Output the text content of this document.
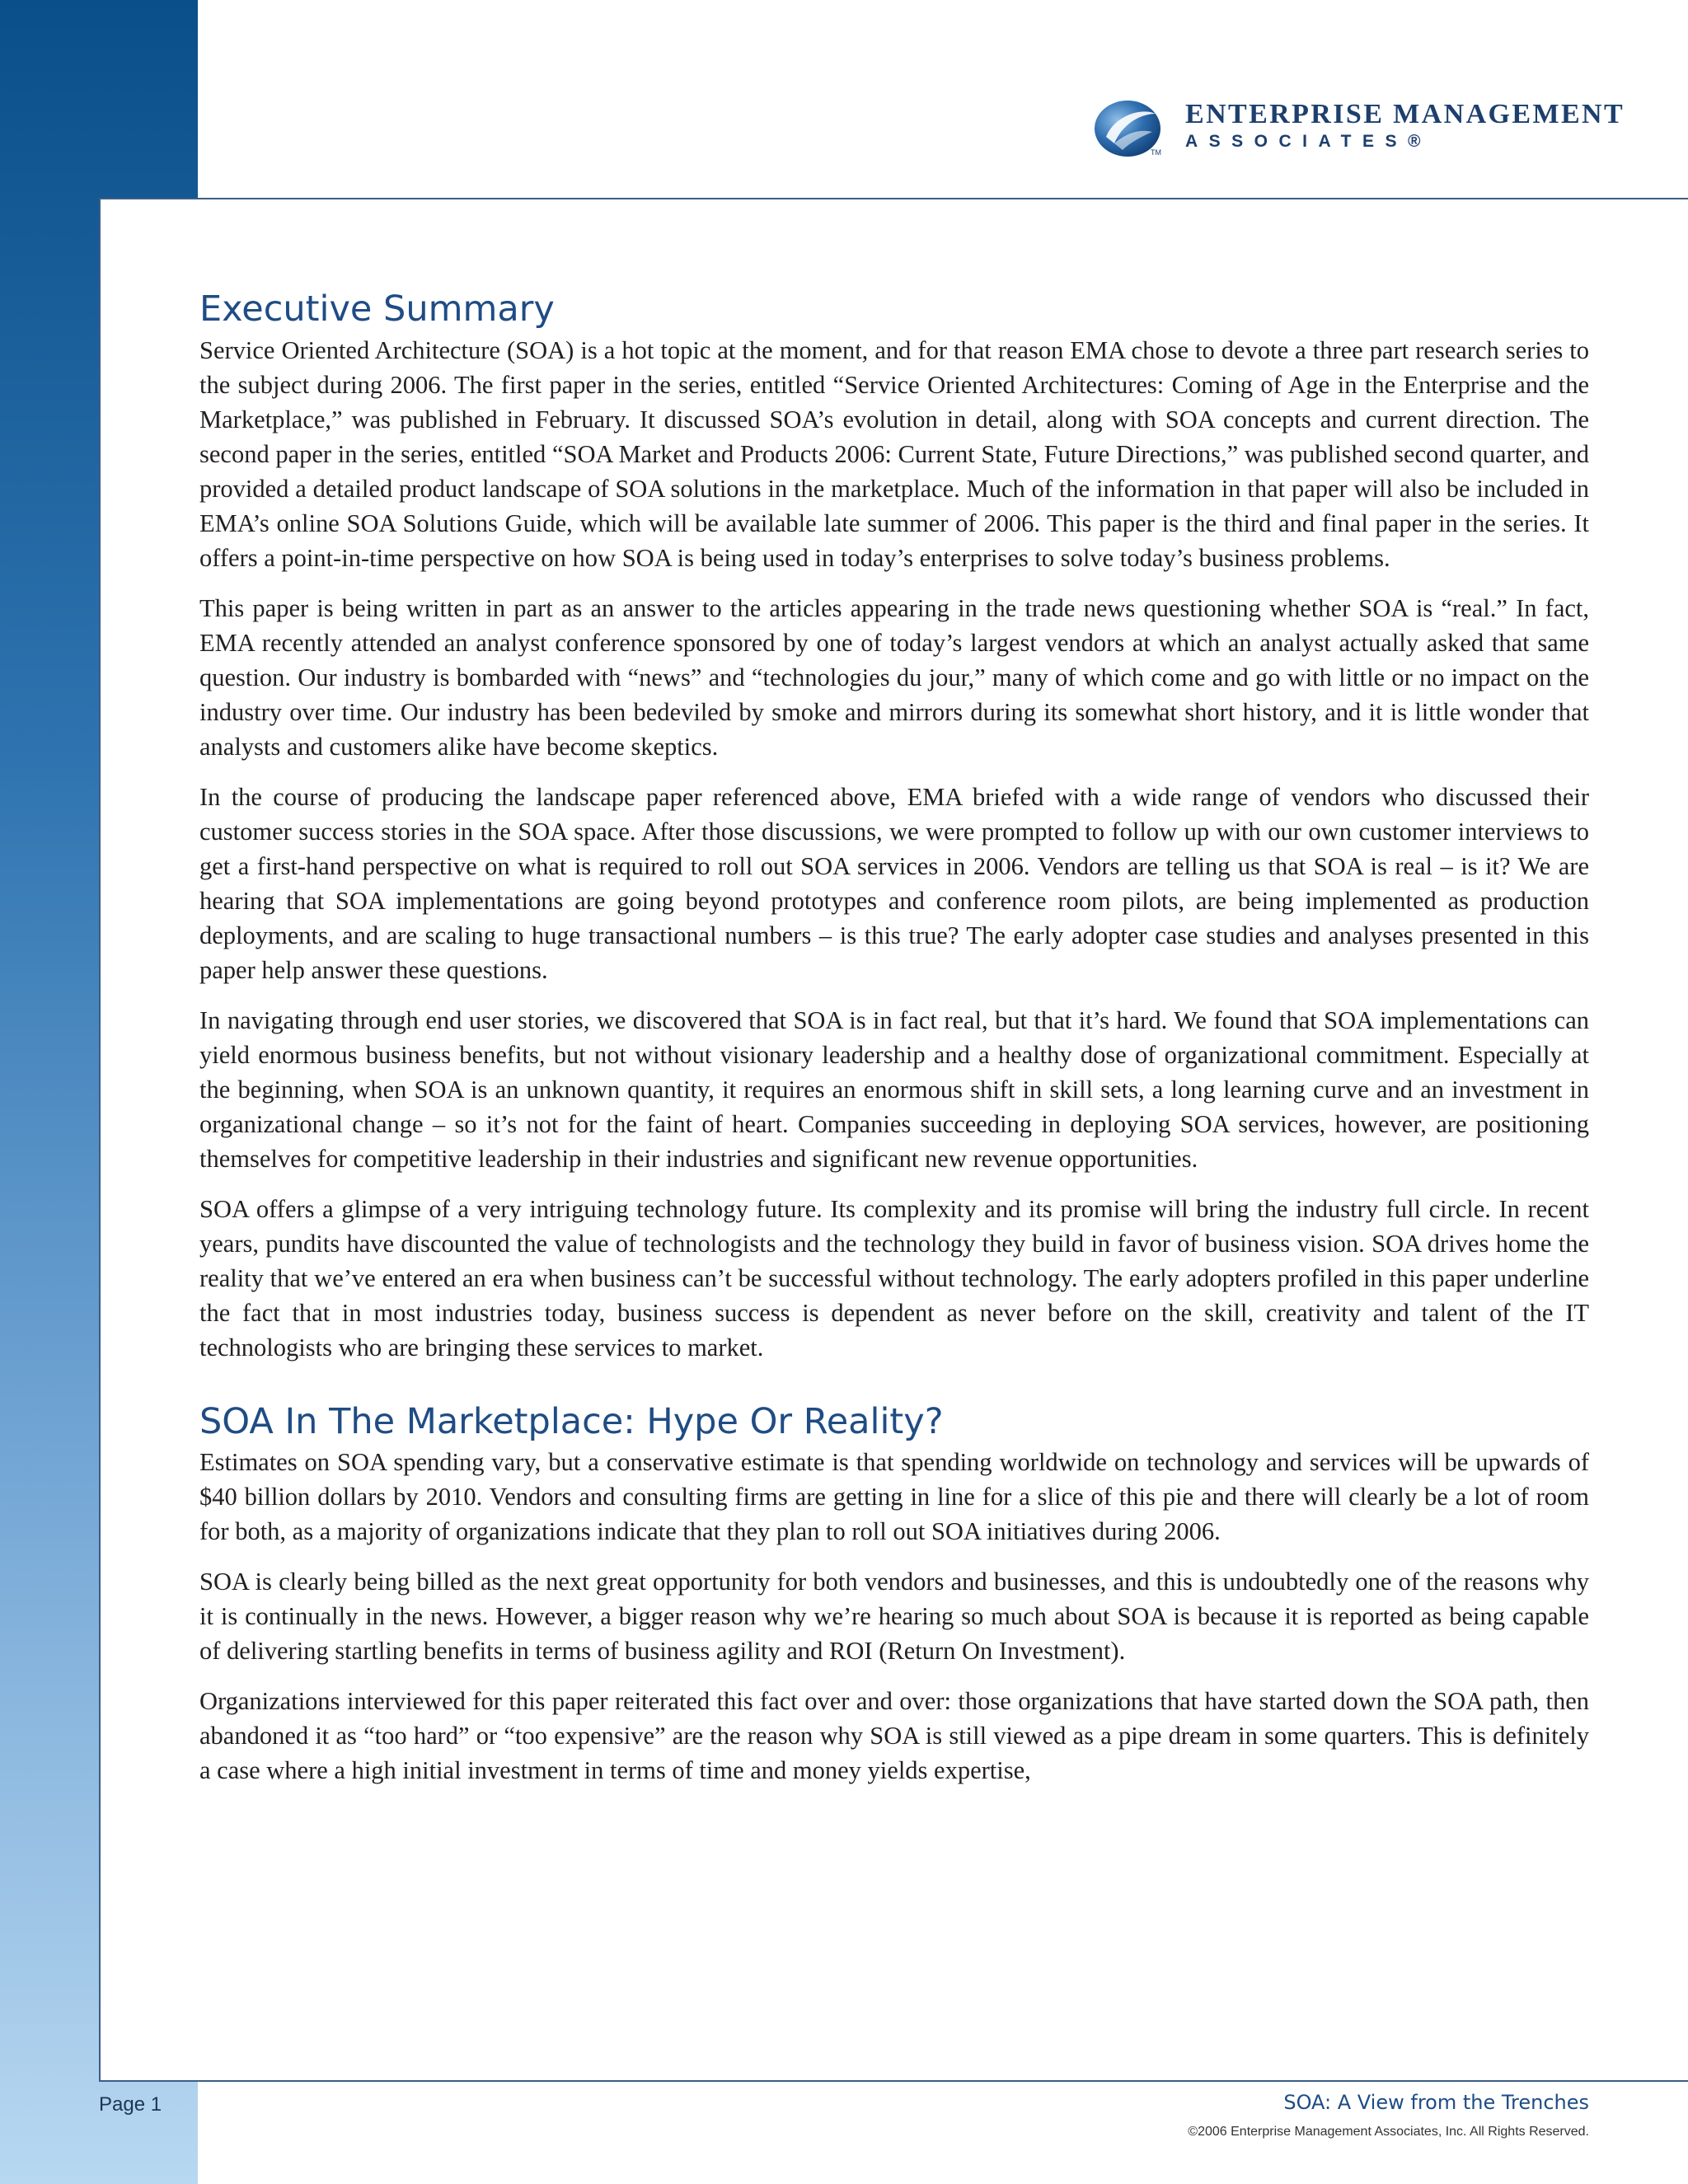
TM
ENTERPRISE MANAGEMENT
ASSOCIATES®
Executive Summary

Service Oriented Architecture (SOA) is a hot topic at the moment, and for that reason EMA chose to devote a three part research series to the subject during 2006. The first paper in the series, entitled “Service Oriented Architectures: Coming of Age in the Enterprise and the Marketplace,” was published in February. It discussed SOA’s evolution in detail, along with SOA concepts and current direction. The second paper in the series, entitled “SOA Market and Products 2006: Current State, Future Directions,” was published second quarter, and provided a detailed product landscape of SOA solutions in the marketplace. Much of the information in that paper will also be included in EMA’s online SOA Solutions Guide, which will be available late summer of 2006. This paper is the third and final paper in the series. It offers a point-in-time perspective on how SOA is being used in today’s enterprises to solve today’s business problems.

This paper is being written in part as an answer to the articles appearing in the trade news questioning whether SOA is “real.” In fact, EMA recently attended an analyst conference sponsored by one of today’s largest vendors at which an analyst actually asked that same question. Our industry is bombarded with “news” and “technologies du jour,” many of which come and go with little or no impact on the industry over time. Our industry has been bedeviled by smoke and mirrors during its somewhat short history, and it is little wonder that analysts and customers alike have become skeptics.

In the course of producing the landscape paper referenced above, EMA briefed with a wide range of vendors who discussed their customer success stories in the SOA space. After those discussions, we were prompted to follow up with our own customer interviews to get a first-hand perspective on what is required to roll out SOA services in 2006. Vendors are telling us that SOA is real – is it? We are hearing that SOA implementations are going beyond prototypes and conference room pilots, are being implemented as production deployments, and are scaling to huge transactional numbers – is this true? The early adopter case studies and analyses presented in this paper help answer these questions.

In navigating through end user stories, we discovered that SOA is in fact real, but that it’s hard. We found that SOA implementations can yield enormous business benefits, but not without visionary leadership and a healthy dose of organizational commitment. Especially at the beginning, when SOA is an unknown quantity, it requires an enormous shift in skill sets, a long learning curve and an investment in organizational change – so it’s not for the faint of heart. Companies succeeding in deploying SOA services, however, are positioning themselves for competitive leadership in their industries and significant new revenue opportunities.

SOA offers a glimpse of a very intriguing technology future. Its complexity and its promise will bring the industry full circle. In recent years, pundits have discounted the value of technologists and the technology they build in favor of business vision. SOA drives home the reality that we’ve entered an era when business can’t be successful without technology. The early adopters profiled in this paper underline the fact that in most industries today, business success is dependent as never before on the skill, creativity and talent of the IT technologists who are bringing these services to market.

SOA In The Marketplace: Hype Or Reality?

Estimates on SOA spending vary, but a conservative estimate is that spending worldwide on technology and services will be upwards of $40 billion dollars by 2010. Vendors and consulting firms are getting in line for a slice of this pie and there will clearly be a lot of room for both, as a majority of organizations indicate that they plan to roll out SOA initiatives during 2006.

SOA is clearly being billed as the next great opportunity for both vendors and businesses, and this is undoubtedly one of the reasons why it is continually in the news. However, a bigger reason why we’re hearing so much about SOA is because it is reported as being capable of delivering startling benefits in terms of business agility and ROI (Return On Investment).

Organizations interviewed for this paper reiterated this fact over and over: those organizations that have started down the SOA path, then abandoned it as “too hard” or “too expensive” are the reason why SOA is still viewed as a pipe dream in some quarters. This is definitely a case where a high initial investment in terms of time and money yields expertise,

Page 1	SOA: A View from the Trenches
©2006 Enterprise Management Associates, Inc. All Rights Reserved.
